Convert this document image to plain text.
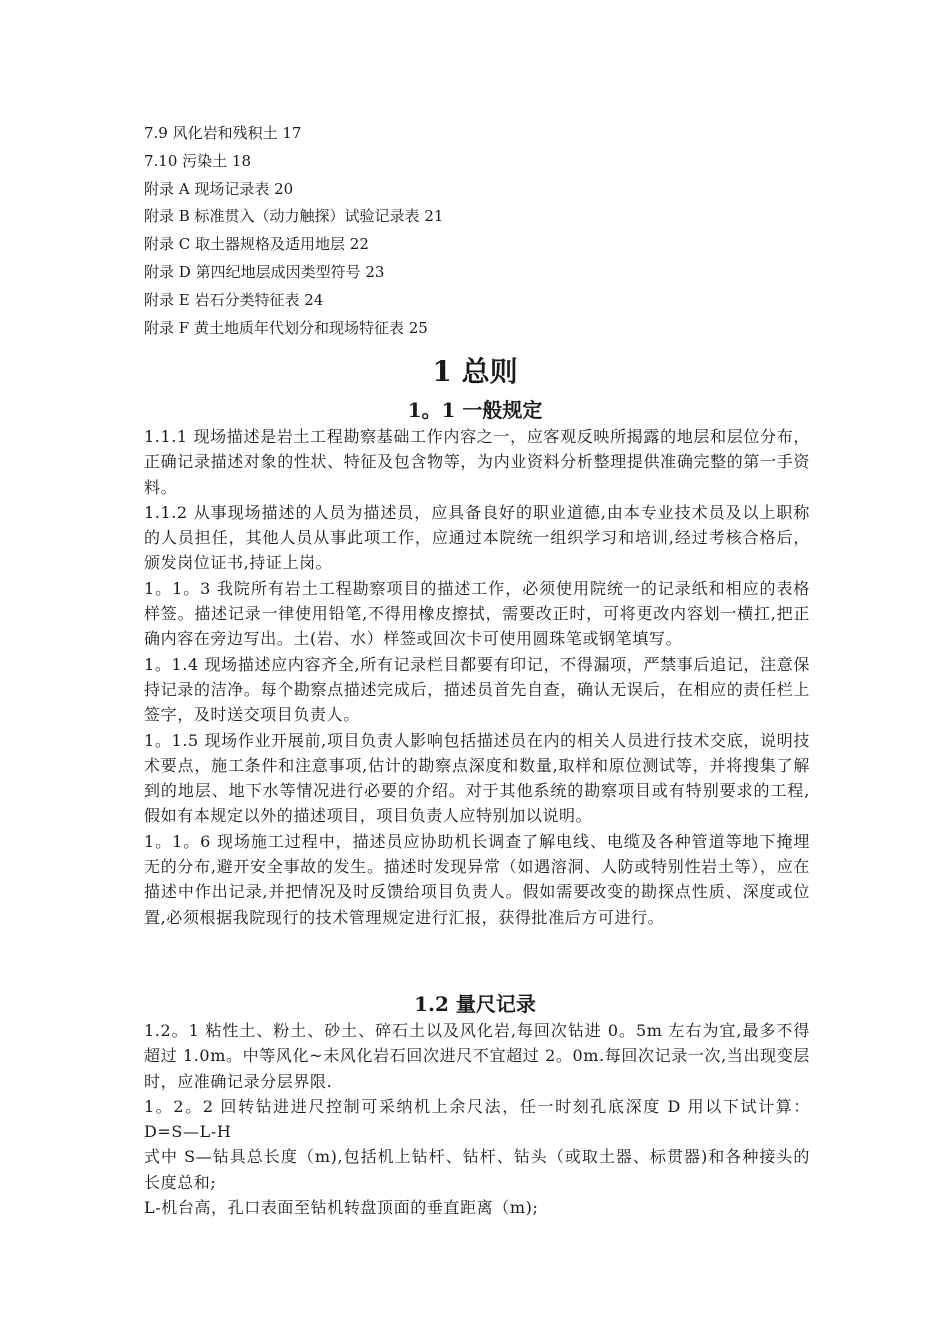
7.9 风化岩和残积土 17
7.10 污染土 18
附录 A 现场记录表 20
附录 B 标准贯入（动力触探）试验记录表 21
附录 C 取土器规格及适用地层 22
附录 D 第四纪地层成因类型符号 23
附录 E 岩石分类特征表 24
附录 F 黄土地质年代划分和现场特征表 25
1 总则
1。1 一般规定

1.1.1 现场描述是岩土工程勘察基础工作内容之一，应客观反映所揭露的地层和层位分布，正确记录描述对象的性状、特征及包含物等，为内业资料分析整理提供准确完整的第一手资料。

1.1.2 从事现场描述的人员为描述员，应具备良好的职业道德,由本专业技术员及以上职称的人员担任，其他人员从事此项工作，应通过本院统一组织学习和培训,经过考核合格后，颁发岗位证书,持证上岗。

1。1。3 我院所有岩土工程勘察项目的描述工作，必须使用院统一的记录纸和相应的表格样签。描述记录一律使用铅笔,不得用橡皮擦拭，需要改正时，可将更改内容划一横扛,把正确内容在旁边写出。土(岩、水）样签或回次卡可使用圆珠笔或钢笔填写。

1。1.4 现场描述应内容齐全,所有记录栏目都要有印记，不得漏项，严禁事后追记，注意保持记录的洁净。每个勘察点描述完成后，描述员首先自查，确认无误后，在相应的责任栏上签字，及时送交项目负责人。

1。1.5 现场作业开展前,项目负责人影响包括描述员在内的相关人员进行技术交底，说明技术要点，施工条件和注意事项,估计的勘察点深度和数量,取样和原位测试等，并将搜集了解到的地层、地下水等情况进行必要的介绍。对于其他系统的勘察项目或有特别要求的工程,假如有本规定以外的描述项目，项目负责人应特别加以说明。

1。1。6 现场施工过程中，描述员应协助机长调查了解电线、电缆及各种管道等地下掩埋无的分布,避开安全事故的发生。描述时发现异常（如遇溶洞、人防或特别性岩土等），应在描述中作出记录,并把情况及时反馈给项目负责人。假如需要改变的勘探点性质、深度或位置,必须根据我院现行的技术管理规定进行汇报，获得批准后方可进行。

1.2 量尺记录

1.2。1 粘性土、粉土、砂土、碎石土以及风化岩,每回次钻进 0。5m 左右为宜,最多不得超过 1.0m。中等风化~未风化岩石回次进尺不宜超过 2。0m.每回次记录一次,当出现变层时，应准确记录分层界限.

1。2。2 回转钻进进尺控制可采纳机上余尺法，任一时刻孔底深度 D 用以下试计算：D=S—L-H

式中 S—钻具总长度（m),包括机上钻杆、钻杆、钻头（或取土器、标贯器)和各种接头的长度总和;

L-机台高，孔口表面至钻机转盘顶面的垂直距离（m);
